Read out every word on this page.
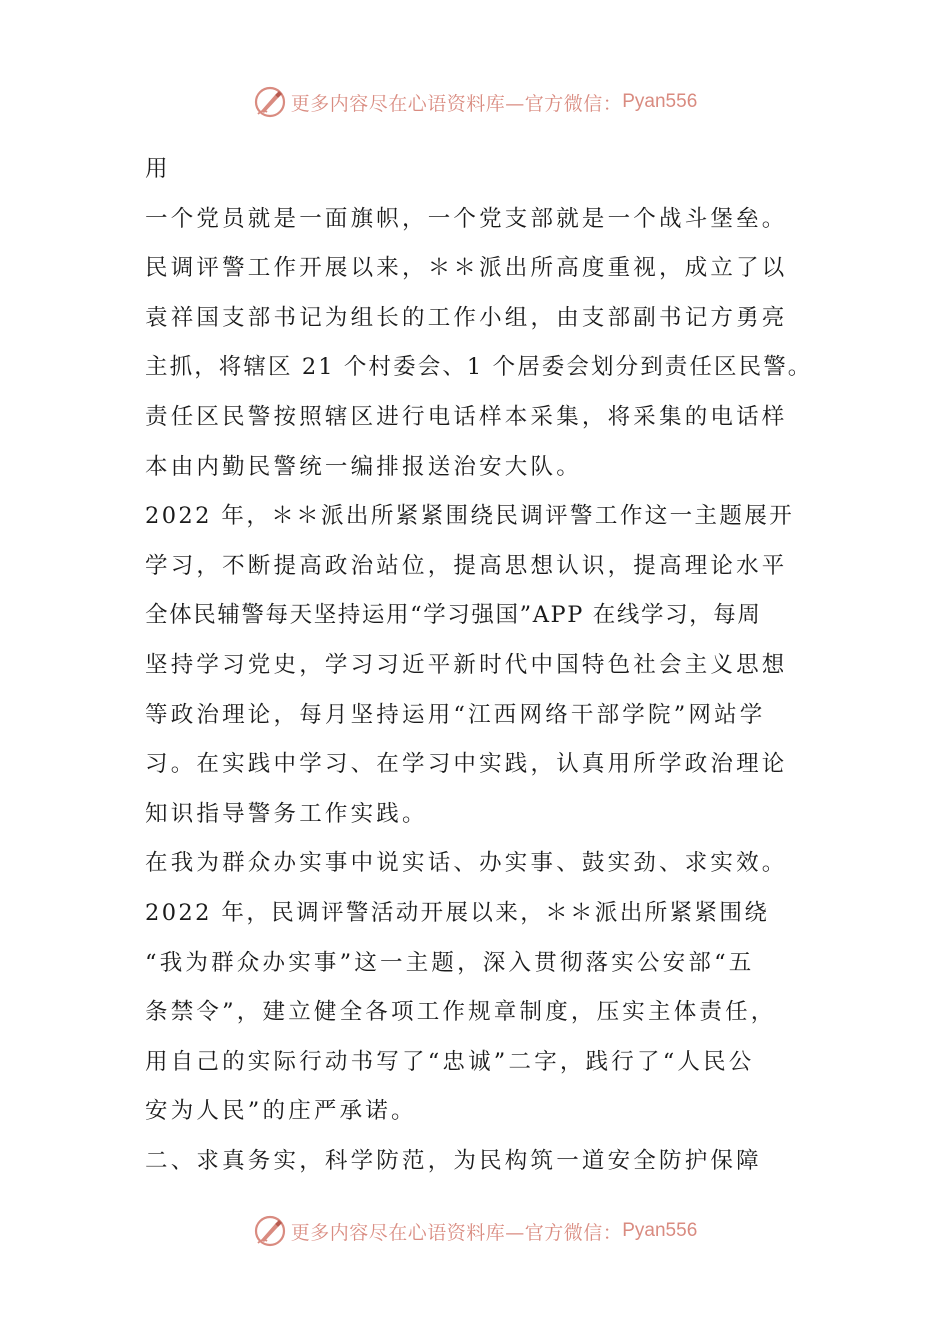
更多内容尽在心语资料库—官方微信： Pyan556
用
一个党员就是一面旗帜，一个党支部就是一个战斗堡垒。
民调评警工作开展以来，＊＊派出所高度重视，成立了以
袁祥国支部书记为组长的工作小组，由支部副书记方勇亮
主抓，将辖区 21 个村委会、1 个居委会划分到责任区民警。
责任区民警按照辖区进行电话样本采集，将采集的电话样
本由内勤民警统一编排报送治安大队。
2022 年，＊＊派出所紧紧围绕民调评警工作这一主题展开
学习，不断提高政治站位，提高思想认识，提高理论水平
全体民辅警每天坚持运用“学习强国”APP 在线学习，每周
坚持学习党史，学习习近平新时代中国特色社会主义思想
等政治理论，每月坚持运用“江西网络干部学院”网站学
习。在实践中学习、在学习中实践，认真用所学政治理论
知识指导警务工作实践。
在我为群众办实事中说实话、办实事、鼓实劲、求实效。
2022 年，民调评警活动开展以来，＊＊派出所紧紧围绕
“我为群众办实事”这一主题，深入贯彻落实公安部“五
条禁令”，建立健全各项工作规章制度，压实主体责任，
用自己的实际行动书写了“忠诚”二字，践行了“人民公
安为人民”的庄严承诺。
二、求真务实，科学防范，为民构筑一道安全防护保障
更多内容尽在心语资料库—官方微信： Pyan556
